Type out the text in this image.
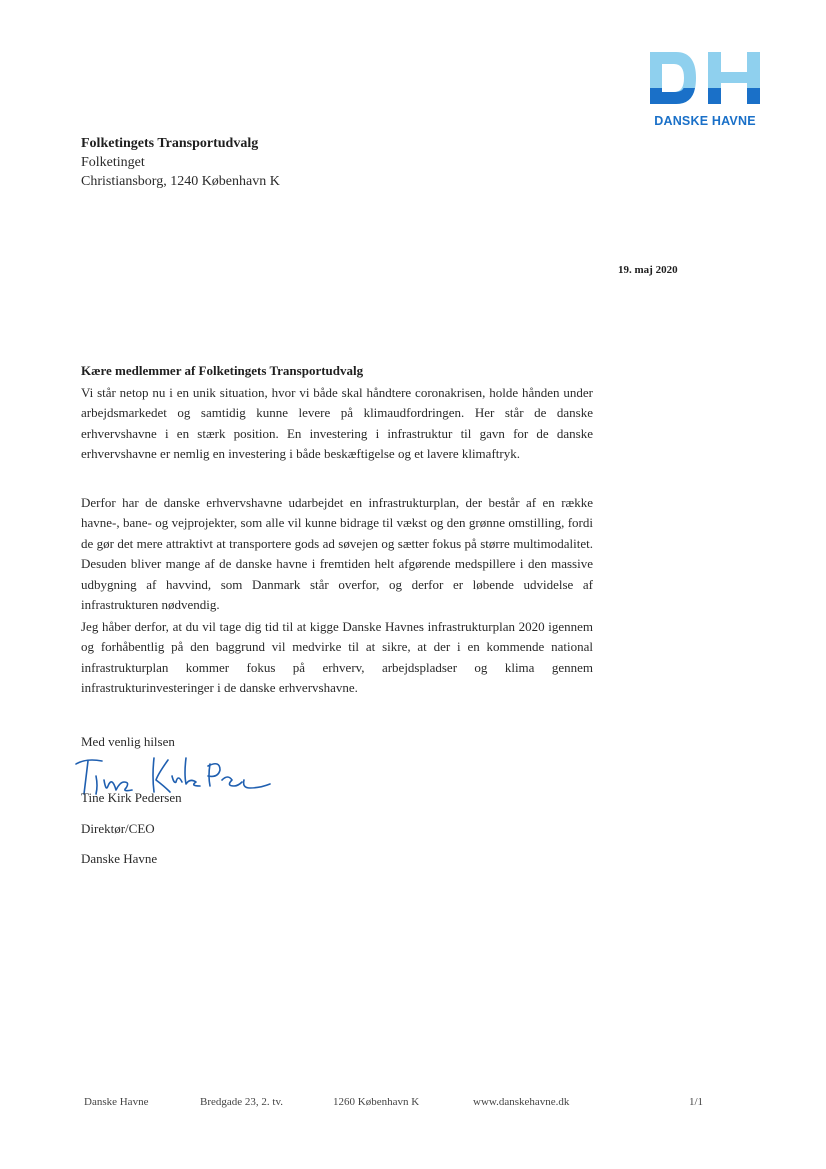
DANSKE HAVNE
Folketingets Transportudvalg
Folketinget
Christiansborg, 1240 København K
19. maj 2020
Kære medlemmer af Folketingets Transportudvalg

Vi står netop nu i en unik situation, hvor vi både skal håndtere coronakrisen, holde hånden under arbejdsmarkedet og samtidig kunne levere på klimaudfordringen. Her står de danske erhvervshavne i en stærk position. En investering i infrastruktur til gavn for de danske erhvervshavne er nemlig en investering i både beskæftigelse og et lavere klimaftryk.

Derfor har de danske erhvervshavne udarbejdet en infrastrukturplan, der består af en række havne-, bane- og vejprojekter, som alle vil kunne bidrage til vækst og den grønne omstilling, fordi de gør det mere attraktivt at transportere gods ad søvejen og sætter fokus på større multimodalitet. Desuden bliver mange af de danske havne i fremtiden helt afgørende medspillere i den massive udbygning af havvind, som Danmark står overfor, og derfor er løbende udvidelse af infrastrukturen nødvendig.

Jeg håber derfor, at du vil tage dig tid til at kigge Danske Havnes infrastrukturplan 2020 igennem og forhåbentlig på den baggrund vil medvirke til at sikre, at der i en kommende national infrastrukturplan kommer fokus på erhverv, arbejdspladser og klima gennem infrastrukturinvesteringer i de danske erhvervshavne.

Med venlig hilsen
Tine Kirk Pedersen
Direktør/CEO
Danske Havne
Danske Havne	Bredgade 23, 2. tv.	1260 København K	www.danskehavne.dk	1/1
